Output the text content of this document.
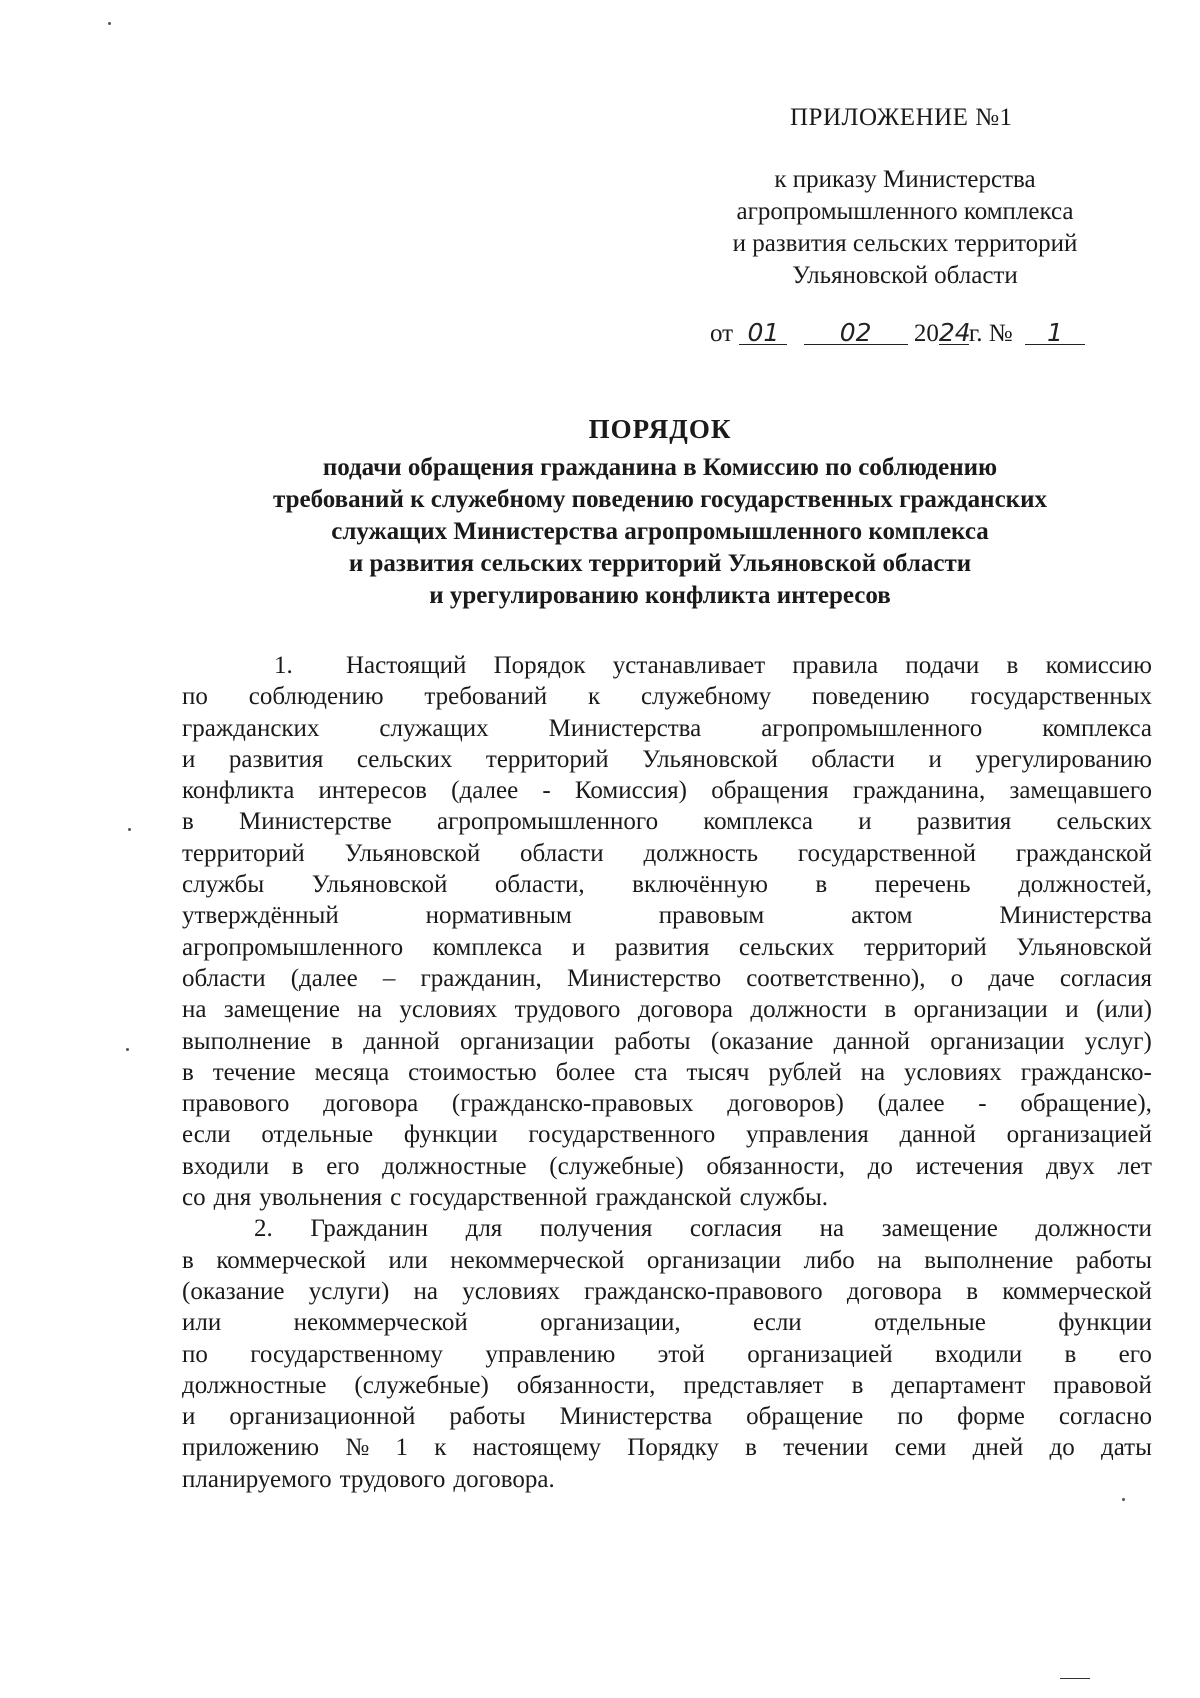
ПРИЛОЖЕНИЕ №1
к приказу Министерства
агропромышленного комплекса
и развития сельских территорий
Ульяновской области
от 01 02 2024г. № 1
ПОРЯДОК
подачи обращения гражданина в Комиссию по соблюдению
требований к служебному поведению государственных гражданских
служащих Министерства агропромышленного комплекса
и развития сельских территорий Ульяновской области
и урегулированию конфликта интересов
1. Настоящий Порядок устанавливает правила подачи в комиссию
по соблюдению требований к служебному поведению государственных
гражданских служащих Министерства агропромышленного комплекса
и развития сельских территорий Ульяновской области и урегулированию
конфликта интересов (далее - Комиссия) обращения гражданина, замещавшего
в Министерстве агропромышленного комплекса и развития сельских
территорий Ульяновской области должность государственной гражданской
службы Ульяновской области, включённую в перечень должностей,
утверждённый	нормативным	правовым	актом	Министерства
агропромышленного комплекса и развития сельских территорий Ульяновской
области (далее – гражданин, Министерство соответственно), о даче согласия
на замещение на условиях трудового договора должности в организации и (или)
выполнение в данной организации работы (оказание данной организации услуг)
в течение месяца стоимостью более ста тысяч рублей на условиях гражданско-
правового договора (гражданско-правовых договоров) (далее - обращение),
если отдельные функции государственного управления данной организацией
входили в его должностные (служебные) обязанности, до истечения двух лет
со дня увольнения с государственной гражданской службы.
2. Гражданин для получения согласия на замещение должности
в коммерческой или некоммерческой организации либо на выполнение работы
(оказание услуги) на условиях гражданско-правового договора в коммерческой
или	некоммерческой	организации,	если	отдельные	функции
по государственному управлению этой организацией входили в его
должностные (служебные) обязанности, представляет в департамент правовой
и организационной работы Министерства обращение по форме согласно
приложению № 1 к настоящему Порядку в течении семи дней до даты
планируемого трудового договора.
